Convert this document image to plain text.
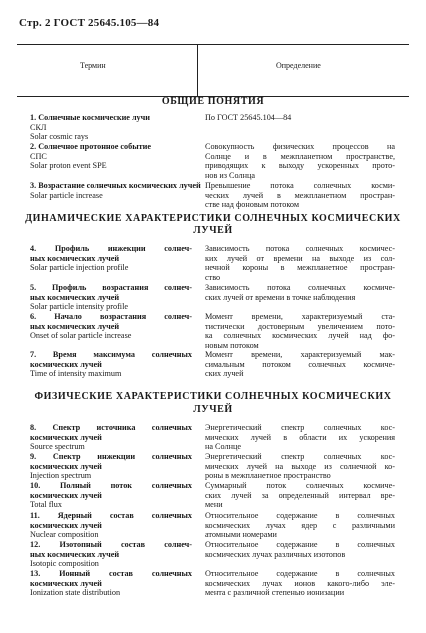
Стр. 2 ГОСТ 25645.105—84
Термин	Определение
ОБЩИЕ ПОНЯТИЯ
1. Солнечные космические лучи
СКЛ
Solar cosmic rays
2. Солнечное протонное событие
СПС
Solar proton event SPE
3. Возрастание солнечных космических лучей
Solar particle increase
По ГОСТ 25645.104—84
Совокупность физических процессов на
Солнце и в межпланетном пространстве,
приводящих к выходу ускоренных прото-
нов из Солнца
Превышение потока солнечных косми-
ческих лучей в межпланетном простран-
стве над фоновым потоком
ДИНАМИЧЕСКИЕ ХАРАКТЕРИСТИКИ СОЛНЕЧНЫХ КОСМИЧЕСКИХ
ЛУЧЕЙ
4. Профиль инжекции солнеч-
ных космических лучей
Solar particle injection profile
5. Профиль возрастания солнеч-
ных космических лучей
Solar particle intensity profile
6. Начало возрастания солнеч-
ных космических лучей
Onset of solar particle increase
7. Время максимума солнечных
космических лучей
Time of intensity maximum
Зависимость потока солнечных космичес-
ких лучей от времени на выходе из сол-
нечной короны в межпланетное простран-
ство
Зависимость потока солнечных космиче-
ских лучей от времени в точке наблюдения
Момент времени, характеризуемый ста-
тистически достоверным увеличением пото-
ка солнечных космических лучей над фо-
новым потоком
Момент времени, характеризуемый мак-
симальным потоком солнечных космиче-
ских лучей
ФИЗИЧЕСКИЕ ХАРАКТЕРИСТИКИ СОЛНЕЧНЫХ КОСМИЧЕСКИХ
ЛУЧЕЙ
8. Спектр источника солнечных
космических лучей
Source spectrum
9. Спектр инжекции солнечных
космических лучей
Injection spectrum
10. Полный поток солнечных
космических лучей
Total flux
11. Ядерный состав солнечных
космических лучей
Nuclear composition
12. Изотопный состав солнеч-
ных космических лучей
Isotopic composition
13. Ионный состав солнечных
космических лучей
Ionization state distribution
Энергетический спектр солнечных кос-
мических лучей в области их ускорения
на Солнце
Энергетический спектр солнечных кос-
мических лучей на выходе из солнечной ко-
роны в межпланетное пространство
Суммарный поток солнечных космиче-
ских лучей за определенный интервал вре-
мени
Относительное содержание в солнечных
космических лучах ядер с различными
атомными номерами
Относительное содержание в солнечных
космических лучах различных изотопов
Относительное содержание в солнечных
космических лучах ионов какого-либо эле-
мента с различной степенью ионизации
